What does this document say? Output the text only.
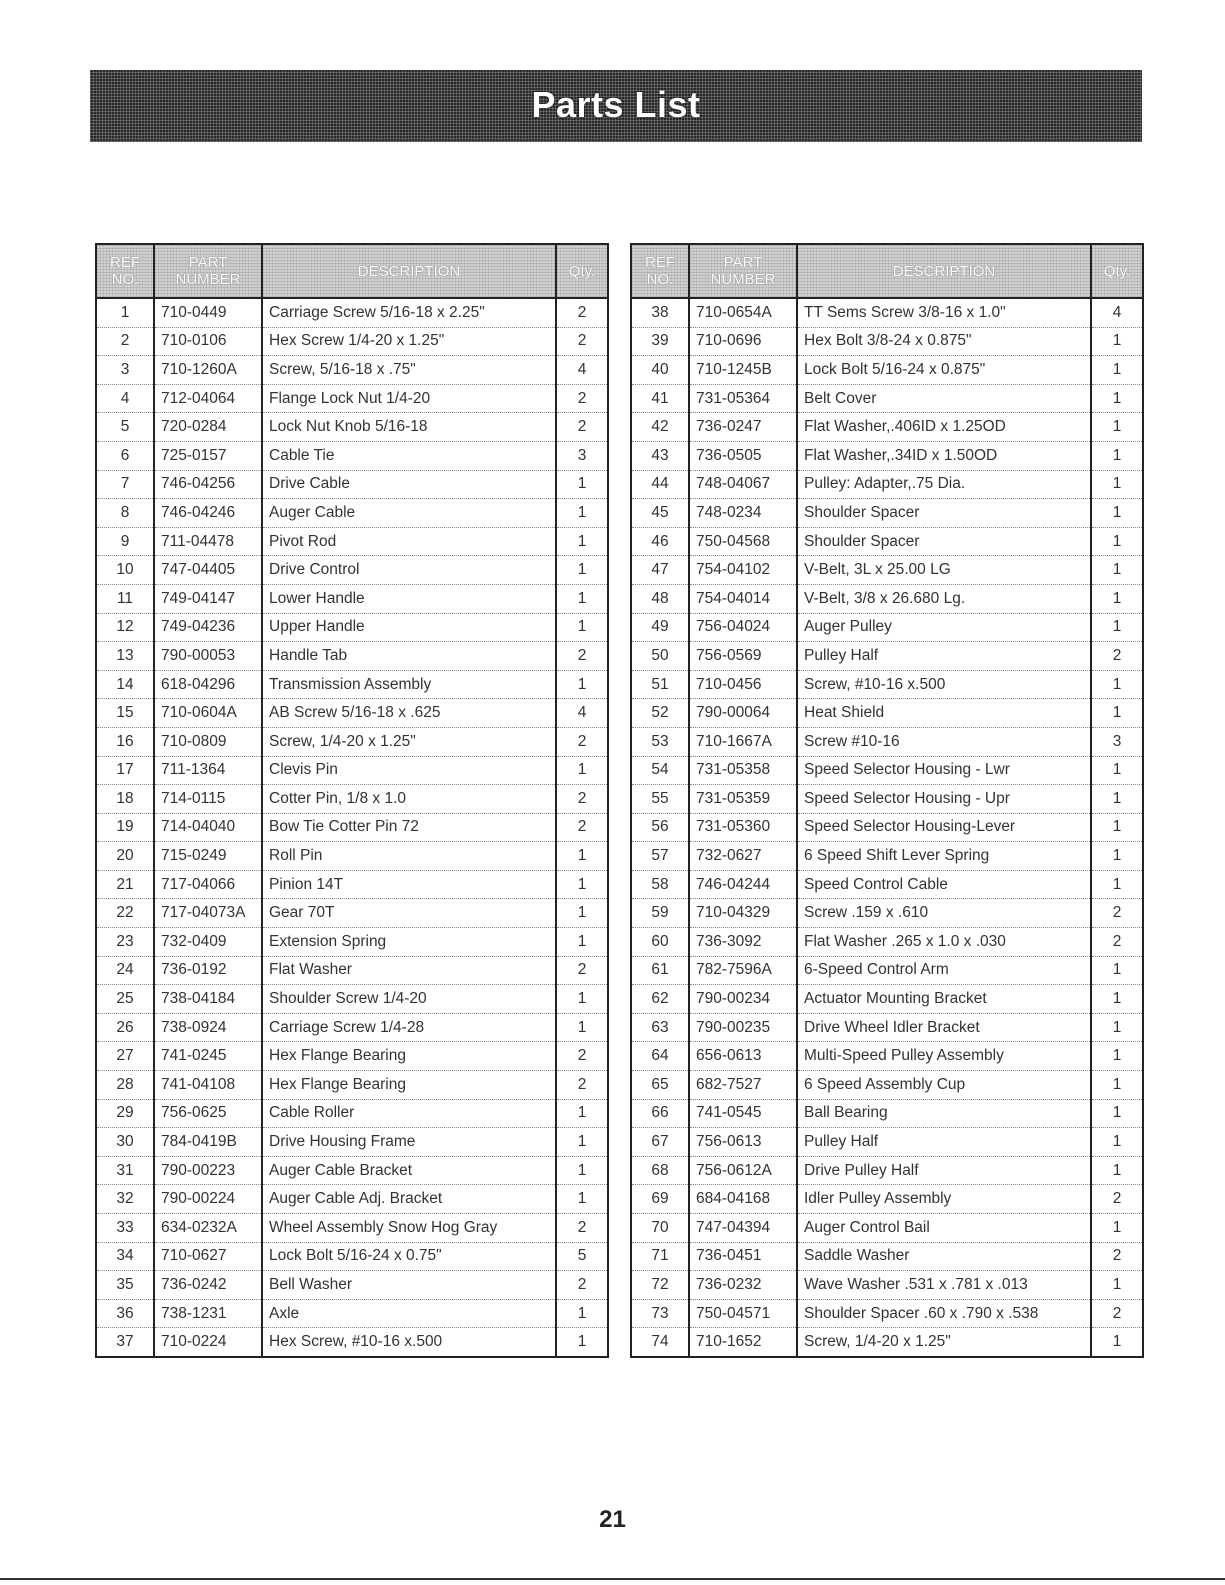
Parts List
REF
NO.	PART
NUMBER	DESCRIPTION	Qty.
1	710-0449	Carriage Screw 5/16-18 x 2.25"	2
2	710-0106	Hex Screw 1/4-20 x 1.25"	2
3	710-1260A	Screw, 5/16-18 x .75"	4
4	712-04064	Flange Lock Nut 1/4-20	2
5	720-0284	Lock Nut Knob 5/16-18	2
6	725-0157	Cable Tie	3
7	746-04256	Drive Cable	1
8	746-04246	Auger Cable	1
9	711-04478	Pivot Rod	1
10	747-04405	Drive Control	1
11	749-04147	Lower Handle	1
12	749-04236	Upper Handle	1
13	790-00053	Handle Tab	2
14	618-04296	Transmission Assembly	1
15	710-0604A	AB Screw 5/16-18 x .625	4
16	710-0809	Screw, 1/4-20 x 1.25"	2
17	711-1364	Clevis Pin	1
18	714-0115	Cotter Pin, 1/8 x 1.0	2
19	714-04040	Bow Tie Cotter Pin 72	2
20	715-0249	Roll Pin	1
21	717-04066	Pinion 14T	1
22	717-04073A	Gear 70T	1
23	732-0409	Extension Spring	1
24	736-0192	Flat Washer	2
25	738-04184	Shoulder Screw 1/4-20	1
26	738-0924	Carriage Screw 1/4-28	1
27	741-0245	Hex Flange Bearing	2
28	741-04108	Hex Flange Bearing	2
29	756-0625	Cable Roller	1
30	784-0419B	Drive Housing Frame	1
31	790-00223	Auger Cable Bracket	1
32	790-00224	Auger Cable Adj. Bracket	1
33	634-0232A	Wheel Assembly Snow Hog Gray	2
34	710-0627	Lock Bolt 5/16-24 x 0.75"	5
35	736-0242	Bell Washer	2
36	738-1231	Axle	1
37	710-0224	Hex Screw, #10-16 x.500	1
REF
NO.	PART
NUMBER	DESCRIPTION	Qty.
38	710-0654A	TT Sems Screw 3/8-16 x 1.0"	4
39	710-0696	Hex Bolt 3/8-24 x 0.875"	1
40	710-1245B	Lock Bolt 5/16-24 x 0.875"	1
41	731-05364	Belt Cover	1
42	736-0247	Flat Washer,.406ID x 1.25OD	1
43	736-0505	Flat Washer,.34ID x 1.50OD	1
44	748-04067	Pulley: Adapter,.75 Dia.	1
45	748-0234	Shoulder Spacer	1
46	750-04568	Shoulder Spacer	1
47	754-04102	V-Belt, 3L x 25.00 LG	1
48	754-04014	V-Belt, 3/8 x 26.680 Lg.	1
49	756-04024	Auger Pulley	1
50	756-0569	Pulley Half	2
51	710-0456	Screw, #10-16 x.500	1
52	790-00064	Heat Shield	1
53	710-1667A	Screw #10-16	3
54	731-05358	Speed Selector Housing - Lwr	1
55	731-05359	Speed Selector Housing - Upr	1
56	731-05360	Speed Selector Housing-Lever	1
57	732-0627	6 Speed Shift Lever Spring	1
58	746-04244	Speed Control Cable	1
59	710-04329	Screw .159 x .610	2
60	736-3092	Flat Washer .265 x 1.0 x .030	2
61	782-7596A	6-Speed Control Arm	1
62	790-00234	Actuator Mounting Bracket	1
63	790-00235	Drive Wheel Idler Bracket	1
64	656-0613	Multi-Speed Pulley Assembly	1
65	682-7527	6 Speed Assembly Cup	1
66	741-0545	Ball Bearing	1
67	756-0613	Pulley Half	1
68	756-0612A	Drive Pulley Half	1
69	684-04168	Idler Pulley Assembly	2
70	747-04394	Auger Control Bail	1
71	736-0451	Saddle Washer	2
72	736-0232	Wave Washer .531 x .781 x .013	1
73	750-04571	Shoulder Spacer .60 x .790 x .538	2
74	710-1652	Screw, 1/4-20 x 1.25"	1
21
